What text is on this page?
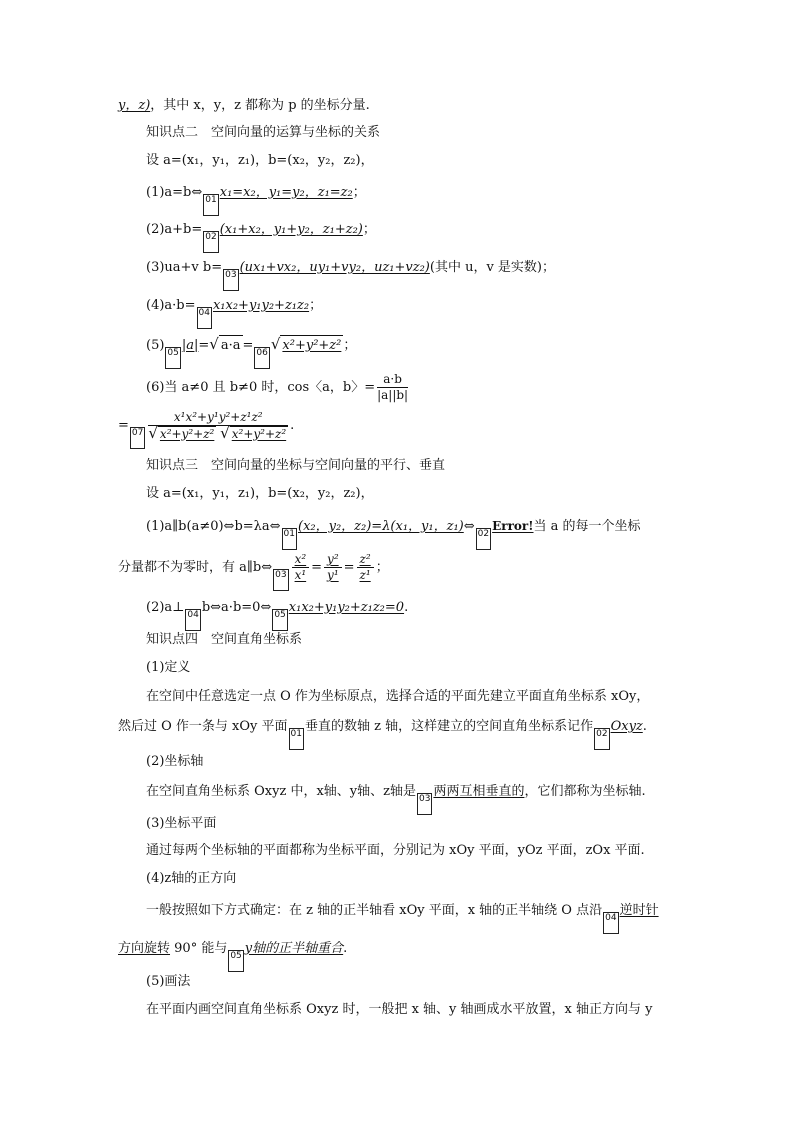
y，z)，其中 x，y，z 都称为 p 的坐标分量.
知识点二　空间向量的运算与坐标的关系
设 a=(x₁，y₁，z₁)，b=(x₂，y₂，z₂)，
(1)a=b⇔ 01 x₁=x₂，y₁=y₂，z₁=z₂；
(2)a+b= 02 (x₁+x₂，y₁+y₂，z₁+z₂)；
(3)ua+v b= 03 (ux₁+vx₂，uy₁+vy₂，uz₁+vz₂)(其中 u，v 是实数)；
(4)a·b= 04 x₁x₂+y₁y₂+z₁z₂；
(5) 05 |a|=√ a·a = 06 √ x²+y²+z² ；
(6)当 a≠0 且 b≠0 时，cos〈a，b〉= $\frac{a\cdot b}{|a||b|}$
= $07 \frac{\text{x¹x²+y¹y²+z¹z²}}{\text{√ x²+y²+z² √ x²+y²+z²}}$ .
知识点三　空间向量的坐标与空间向量的平行、垂直
设 a=(x₁，y₁，z₁)，b=(x₂，y₂，z₂)，
(1)a∥b(a≠0)⇔b=λa⇔ 01 (x₂，y₂，z₂)=λ(x₁，y₁，z₁)⇔ 02Error!当 a 的每一个坐标
分量都不为零时，有 a∥b⇔ $03 \frac{\text{x²}}{\text{x¹}} = \frac{\text{y²}}{\text{y¹}} = \frac{\text{z²}}{\text{z¹}}$ ；
(2)a⊥ 04 b⇔a·b=0⇔ 05 x₁x₂+y₁y₂+z₁z₂=0.
知识点四　空间直角坐标系
(1)定义
在空间中任意选定一点 O 作为坐标原点，选择合适的平面先建立平面直角坐标系 xOy，
然后过 O 作一条与 xOy 平面 01 垂直的数轴 z 轴，这样建立的空间直角坐标系记作 02 Oxyz.
(2)坐标轴
在空间直角坐标系 Oxyz 中，x轴、y轴、z轴是 03 两两互相垂直的，它们都称为坐标轴.
(3)坐标平面
通过每两个坐标轴的平面都称为坐标平面，分别记为 xOy 平面，yOz 平面，zOx 平面.
(4)z轴的正方向
一般按照如下方式确定：在 z 轴的正半轴看 xOy 平面，x 轴的正半轴绕 O 点沿 04 逆时针
方向旋转 90° 能与 05 y轴的正半轴重合.
(5)画法
在平面内画空间直角坐标系 Oxyz 时，一般把 x 轴、y 轴画成水平放置，x 轴正方向与 y
